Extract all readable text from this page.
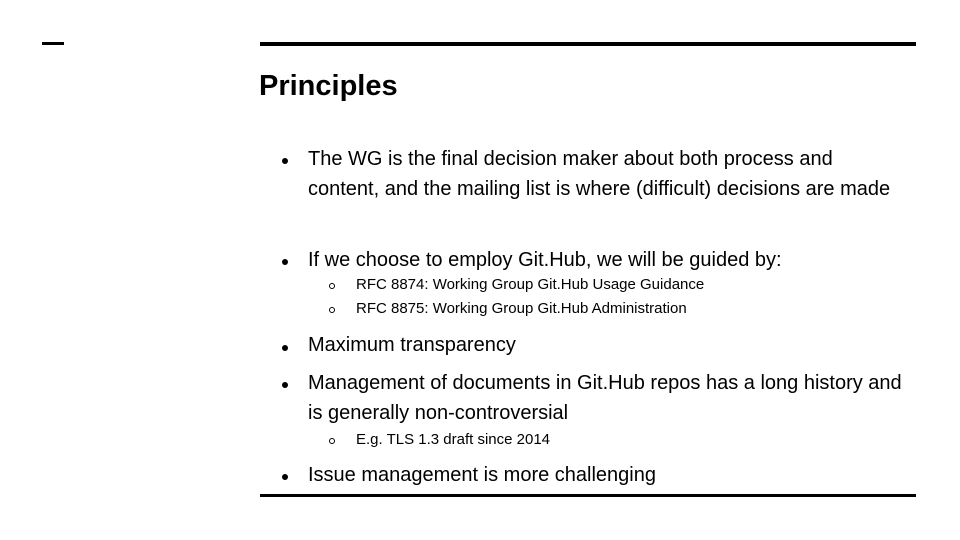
Principles

The WG is the final decision maker about both process and content, and the mailing list is where (difficult) decisions are made

If we choose to employ Git.Hub, we will be guided by:

RFC 8874: Working Group Git.Hub Usage Guidance

RFC 8875: Working Group Git.Hub Administration

Maximum transparency

Management of documents in Git.Hub repos has a long history and is generally non-controversial

E.g. TLS 1.3 draft since 2014

Issue management is more challenging
